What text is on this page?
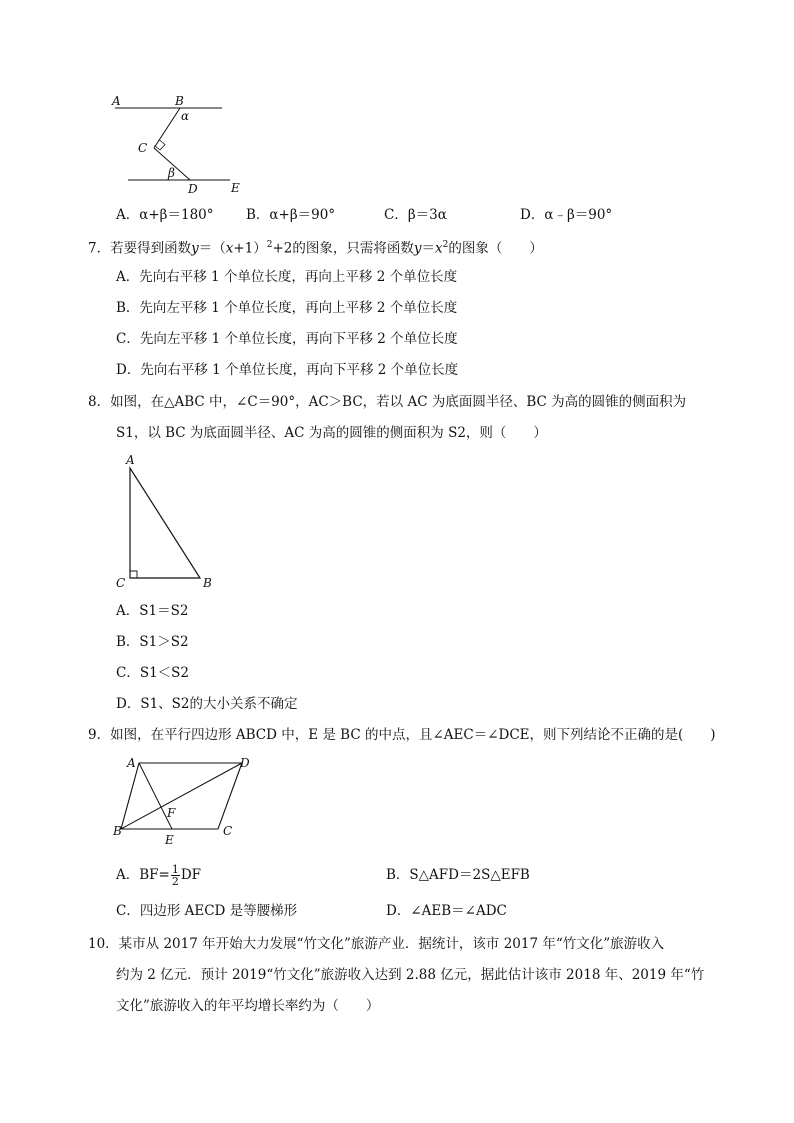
A	B
α
C
β
D	E
A．α+β＝180° B．α+β＝90°	C．β＝3α	D．α﹣β＝90°
7．若要得到函数$y=(x+1)^2+2$的图象，只需将函数$y=x^2$的图象（　　）
A．先向右平移 1 个单位长度，再向上平移 2 个单位长度
B．先向左平移 1 个单位长度，再向上平移 2 个单位长度
C．先向左平移 1 个单位长度，再向下平移 2 个单位长度
D．先向右平移 1 个单位长度，再向下平移 2 个单位长度
8．如图，在△ABC 中，∠C＝90°，AC＞BC，若以 AC 为底面圆半径、BC 为高的圆锥的侧面积为
S1，以 BC 为底面圆半径、AC 为高的圆锥的侧面积为 S2，则（　　）
A
C	B
A．S1＝S2
B．S1＞S2
C．S1＜S2
D．S1、S2的大小关系不确定
9．如图，在平行四边形 ABCD 中，E 是 BC 的中点，且∠AEC＝∠DCE，则下列结论不正确的是(　　)
A	D
F
B
E
C
A．$BF= \frac{1}{2}$ DF	B．S△AFD＝2S△EFB
C．四边形 AECD 是等腰梯形	D．∠AEB＝∠ADC
10．某市从 2017 年开始大力发展“竹文化”旅游产业．据统计，该市 2017 年“竹文化”旅游收入
约为 2 亿元．预计 2019“竹文化”旅游收入达到 2.88 亿元，据此估计该市 2018 年、2019 年“竹
文化”旅游收入的年平均增长率约为（　　）
